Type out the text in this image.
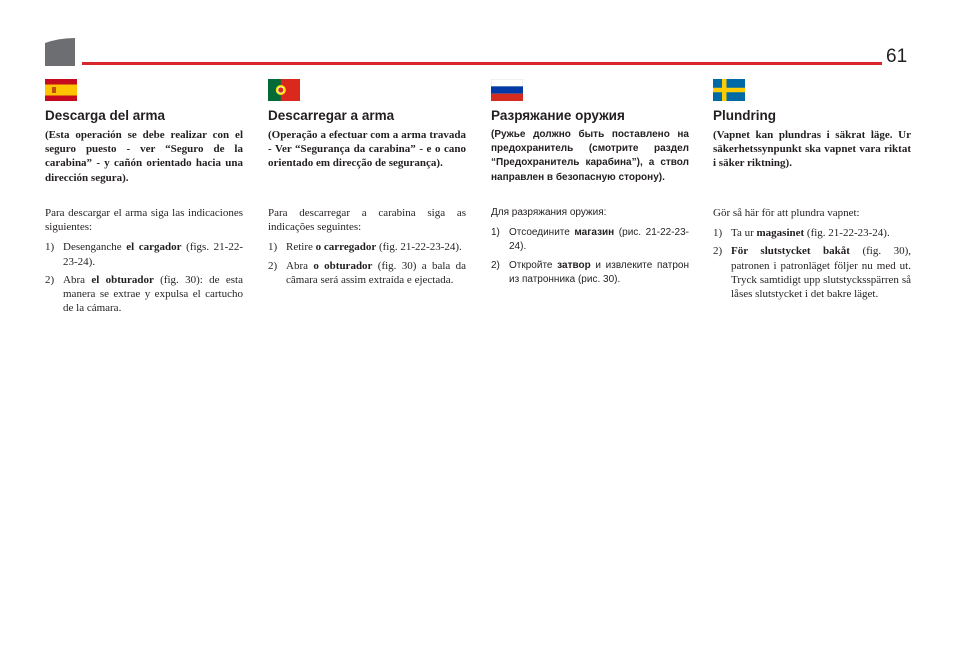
61
Descarga del arma
(Esta operación se debe realizar con el seguro puesto - ver “Seguro de la carabina” - y cañón orientado hacia una dirección segura).
Para descargar el arma siga las indicaciones siguientes:
1) Desenganche el cargador (figs. 21-22-23-24).
2) Abra el obturador (fig. 30): de esta manera se extrae y expulsa el cartucho de la cámara.
Descarregar a arma
(Operação a efectuar com a arma travada - Ver “Segurança da carabina” - e o cano orientado em direcção de segurança).
Para descarregar a carabina siga as indicações seguintes:
1) Retire o carregador (fig. 21-22-23-24).
2) Abra o obturador (fig. 30) a bala da câmara será assim extraída e ejectada.
Разряжание оружия
(Ружье должно быть поставлено на предохранитель (смотрите раздел “Предохранитель карабина”), а ствол направлен в безопасную сторону).
Для разряжания оружия:
1) Отсоедините магазин (рис. 21-22-23-24).
2) Откройте затвор и извлеките патрон из патронника (рис. 30).
Plundring
(Vapnet kan plundras i säkrat läge. Ur säkerhetssynpunkt ska vapnet vara riktat i säker riktning).
Gör så här för att plundra vapnet:
1) Ta ur magasinet (fig. 21-22-23-24).
2) För slutstycket bakåt (fig. 30), patronen i patronläget följer nu med ut. Tryck samtidigt upp slutstycksspärren så låses slutstycket i det bakre läget.
